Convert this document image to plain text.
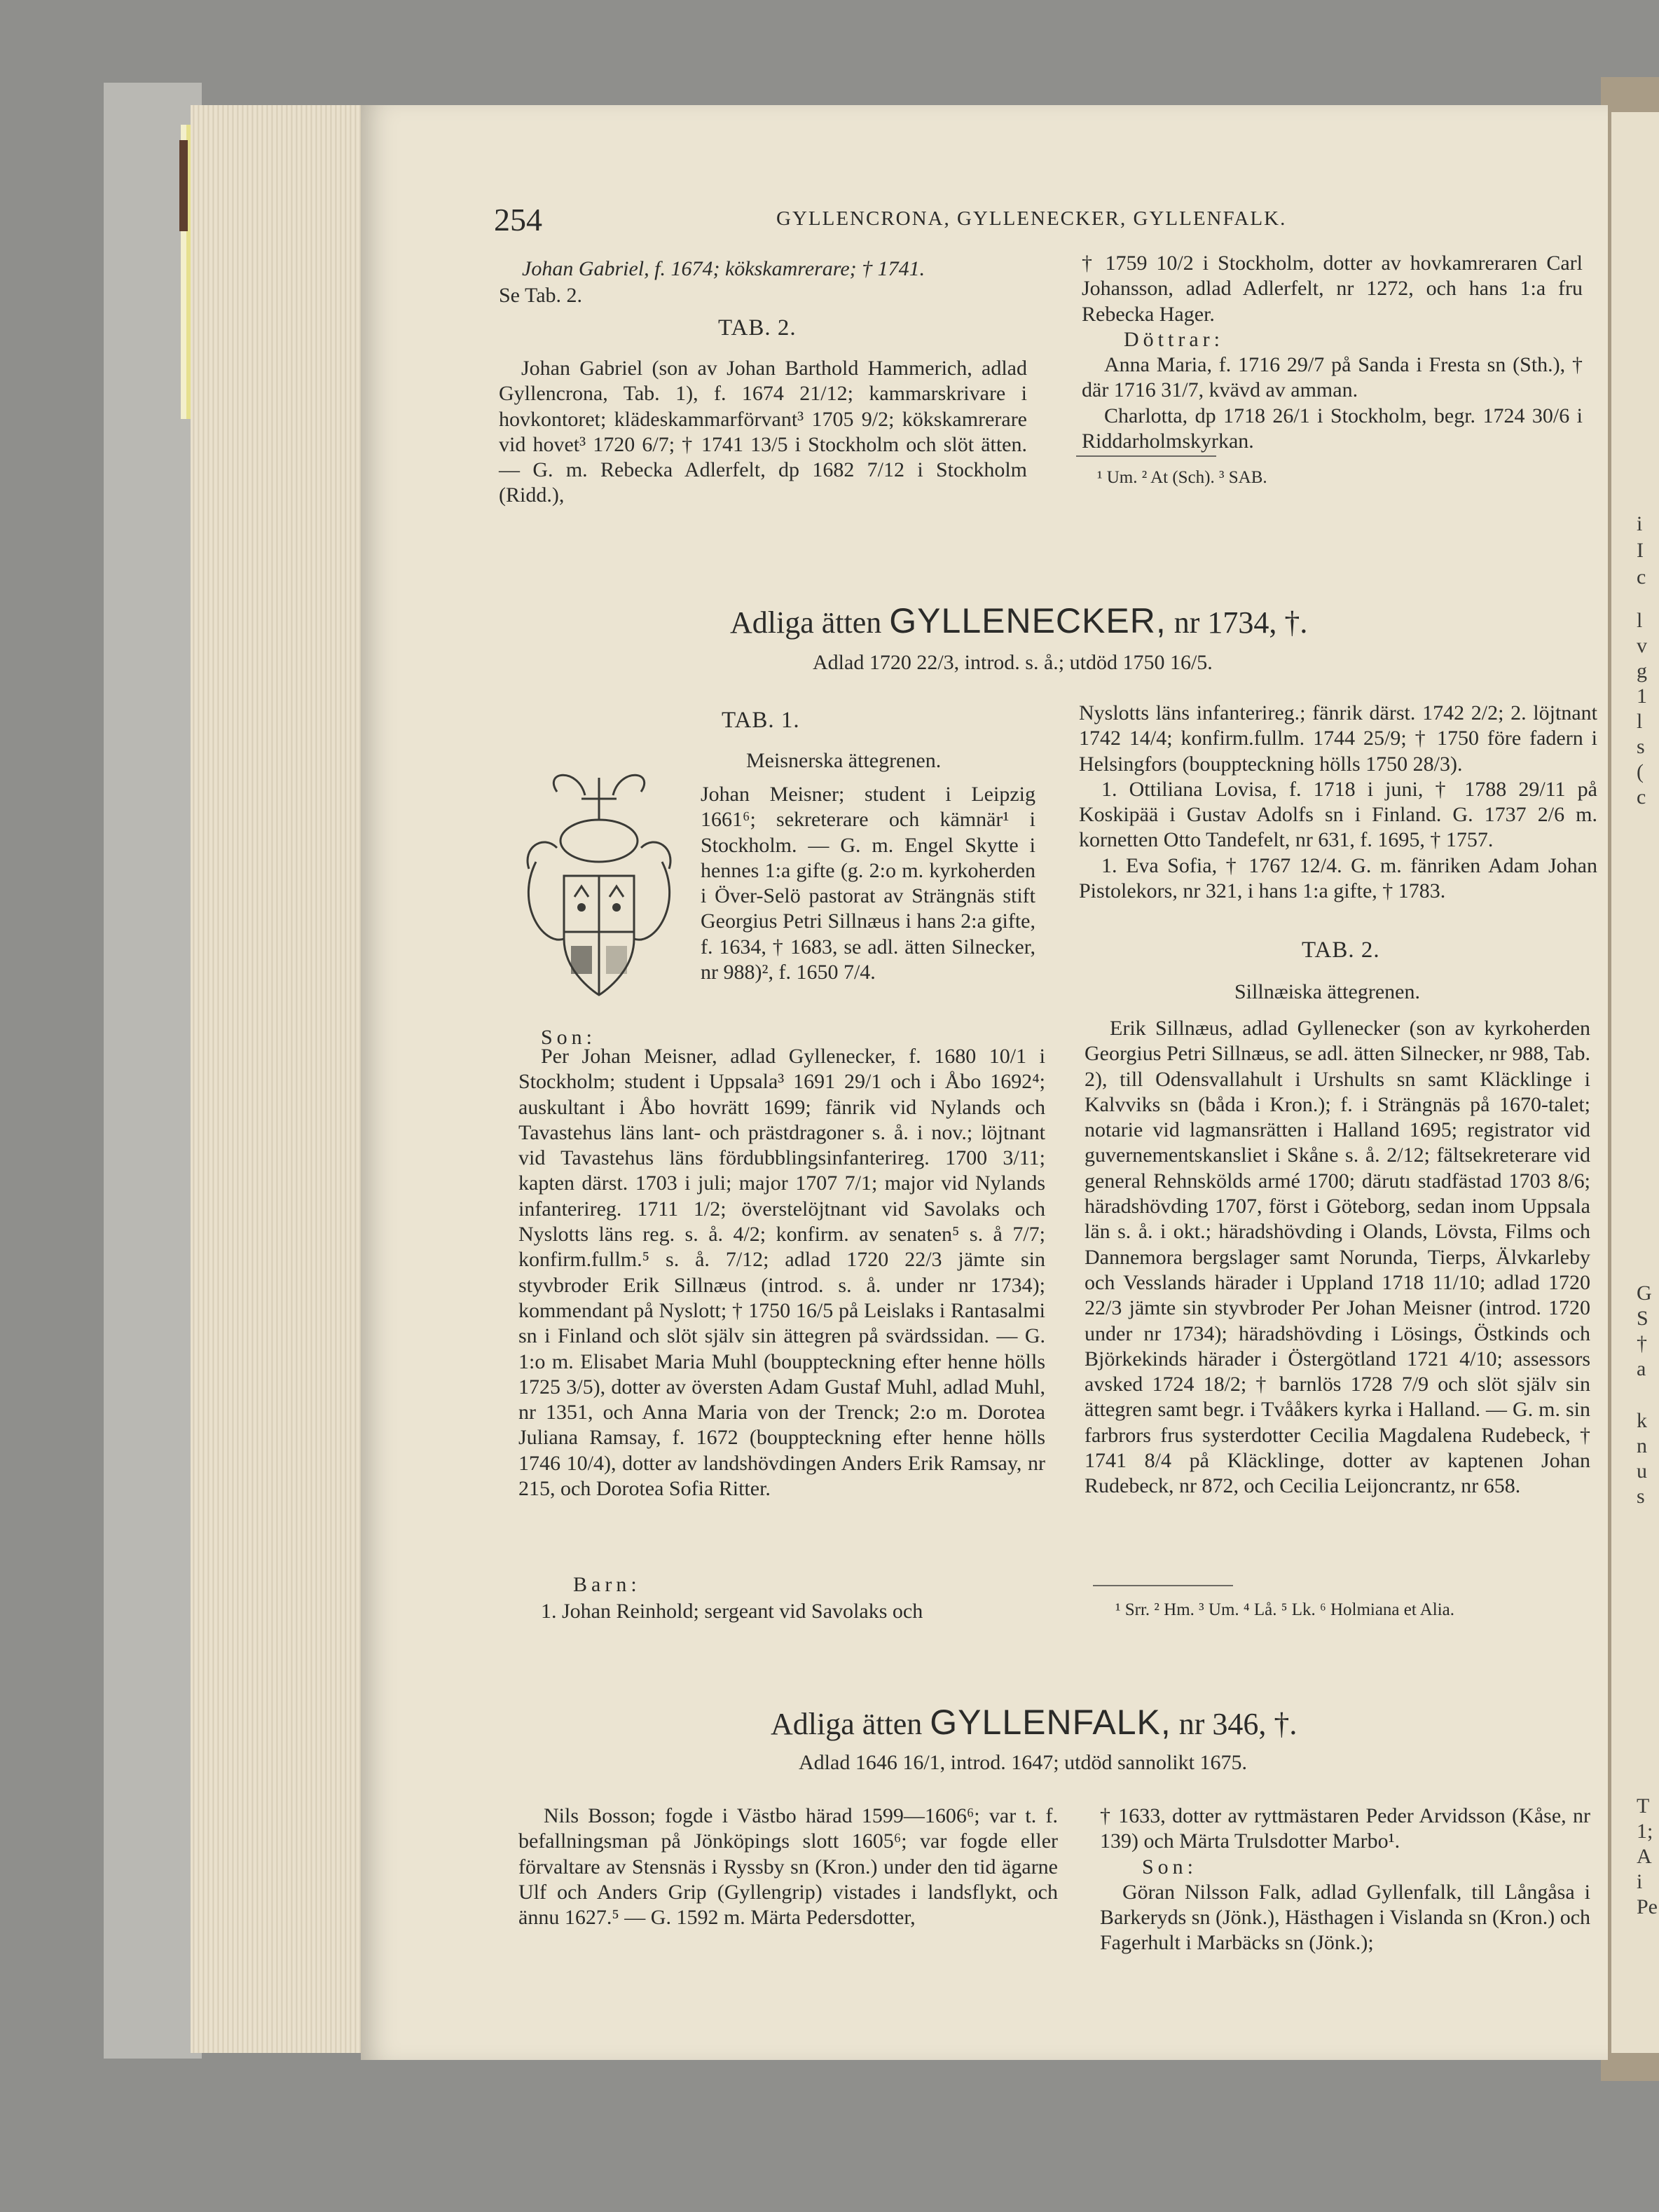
254	GYLLENCRONA, GYLLENECKER, GYLLENFALK.

Johan Gabriel, f. 1674; kökskamrerare; † 1741.

Se Tab. 2.

TAB. 2.

Johan Gabriel (son av Johan Barthold Hammerich, adlad Gyllencrona, Tab. 1), f. 1674 21/12; kammarskrivare i hovkontoret; klädeskammarförvant³ 1705 9/2; kökskamrerare vid hovet³ 1720 6/7; † 1741 13/5 i Stockholm och slöt ätten. — G. m. Rebecka Adlerfelt, dp 1682 7/12 i Stockholm (Ridd.),

† 1759 10/2 i Stockholm, dotter av hovkamreraren Carl Johansson, adlad Adlerfelt, nr 1272, och hans 1:a fru Rebecka Hager.

Döttrar:

Anna Maria, f. 1716 29/7 på Sanda i Fresta sn (Sth.), † där 1716 31/7, kvävd av amman.

Charlotta, dp 1718 26/1 i Stockholm, begr. 1724 30/6 i Riddarholmskyrkan.

¹ Um. ² At (Sch). ³ SAB.

Adliga ätten GYLLENECKER, nr 1734, †.

Adlad 1720 22/3, introd. s. å.; utdöd 1750 16/5.

TAB. 1.

Meisnerska ättegrenen.

Johan Meisner; student i Leipzig 1661⁶; sekreterare och kämnär¹ i Stockholm. — G. m. Engel Skytte i hennes 1:a gifte (g. 2:o m. kyrkoherden i Över-Selö pastorat av Strängnäs stift Georgius Petri Sillnæus i hans 2:a gifte, f. 1634, † 1683, se adl. ätten Silnecker, nr 988)², f. 1650 7/4.

Son:

Per Johan Meisner, adlad Gyllenecker, f. 1680 10/1 i Stockholm; student i Uppsala³ 1691 29/1 och i Åbo 1692⁴; auskultant i Åbo hovrätt 1699; fänrik vid Nylands och Tavastehus läns lant- och prästdragoner s. å. i nov.; löjtnant vid Tavastehus läns fördubblingsinfanterireg. 1700 3/11; kapten därst. 1703 i juli; major 1707 7/1; major vid Nylands infanterireg. 1711 1/2; överstelöjtnant vid Savolaks och Nyslotts läns reg. s. å. 4/2; konfirm. av senaten⁵ s. å 7/7; konfirm.fullm.⁵ s. å. 7/12; adlad 1720 22/3 jämte sin styvbroder Erik Sillnæus (introd. s. å. under nr 1734); kommendant på Nyslott; † 1750 16/5 på Leislaks i Rantasalmi sn i Finland och slöt själv sin ättegren på svärdssidan. — G. 1:o m. Elisabet Maria Muhl (bouppteckning efter henne hölls 1725 3/5), dotter av översten Adam Gustaf Muhl, adlad Muhl, nr 1351, och Anna Maria von der Trenck; 2:o m. Dorotea Juliana Ramsay, f. 1672 (bouppteckning efter henne hölls 1746 10/4), dotter av landshövdingen Anders Erik Ramsay, nr 215, och Dorotea Sofia Ritter.

Barn:

1. Johan Reinhold; sergeant vid Savolaks och

Nyslotts läns infanterireg.; fänrik därst. 1742 2/2; 2. löjtnant 1742 14/4; konfirm.fullm. 1744 25/9; † 1750 före fadern i Helsingfors (bouppteckning hölls 1750 28/3).

1. Ottiliana Lovisa, f. 1718 i juni, † 1788 29/11 på Koskipää i Gustav Adolfs sn i Finland. G. 1737 2/6 m. kornetten Otto Tandefelt, nr 631, f. 1695, † 1757.

1. Eva Sofia, † 1767 12/4. G. m. fänriken Adam Johan Pistolekors, nr 321, i hans 1:a gifte, † 1783.

TAB. 2.

Sillnæiska ättegrenen.

Erik Sillnæus, adlad Gyllenecker (son av kyrkoherden Georgius Petri Sillnæus, se adl. ätten Silnecker, nr 988, Tab. 2), till Odensvallahult i Urshults sn samt Kläcklinge i Kalvviks sn (båda i Kron.); f. i Strängnäs på 1670-talet; notarie vid lagmansrätten i Halland 1695; registrator vid guvernementskansliet i Skåne s. å. 2/12; fältsekreterare vid general Rehnskölds armé 1700; därutı stadfästad 1703 8/6; häradshövding 1707, först i Göteborg, sedan inom Uppsala län s. å. i okt.; häradshövding i Olands, Lövsta, Films och Dannemora bergslager samt Norunda, Tierps, Älvkarleby och Vesslands härader i Uppland 1718 11/10; adlad 1720 22/3 jämte sin styvbroder Per Johan Meisner (introd. 1720 under nr 1734); häradshövding i Lösings, Östkinds och Björkekinds härader i Östergötland 1721 4/10; assessors avsked 1724 18/2; † barnlös 1728 7/9 och slöt själv sin ättegren samt begr. i Tvååkers kyrka i Halland. — G. m. sin farbrors frus systerdotter Cecilia Magdalena Rudebeck, † 1741 8/4 på Kläcklinge, dotter av kaptenen Johan Rudebeck, nr 872, och Cecilia Leijoncrantz, nr 658.

¹ Srr. ² Hm. ³ Um. ⁴ Lå. ⁵ Lk. ⁶ Holmiana et Alia.

Adliga ätten GYLLENFALK, nr 346, †.

Adlad 1646 16/1, introd. 1647; utdöd sannolikt 1675.

Nils Bosson; fogde i Västbo härad 1599—1606⁶; var t. f. befallningsman på Jönköpings slott 1605⁶; var fogde eller förvaltare av Stensnäs i Ryssby sn (Kron.) under den tid ägarne Ulf och Anders Grip (Gyllengrip) vistades i landsflykt, och ännu 1627.⁵ — G. 1592 m. Märta Pedersdotter,

† 1633, dotter av ryttmästaren Peder Arvidsson (Kåse, nr 139) och Märta Trulsdotter Marbo¹.

Son:

Göran Nilsson Falk, adlad Gyllenfalk, till Långåsa i Barkeryds sn (Jönk.), Hästhagen i Vislanda sn (Kron.) och Fagerhult i Marbäcks sn (Jönk.);

i
I
c
l
v
g
1
l
s
(
c
G
S
†
a
k
n
u
s
T
1;
A
i
Pe
